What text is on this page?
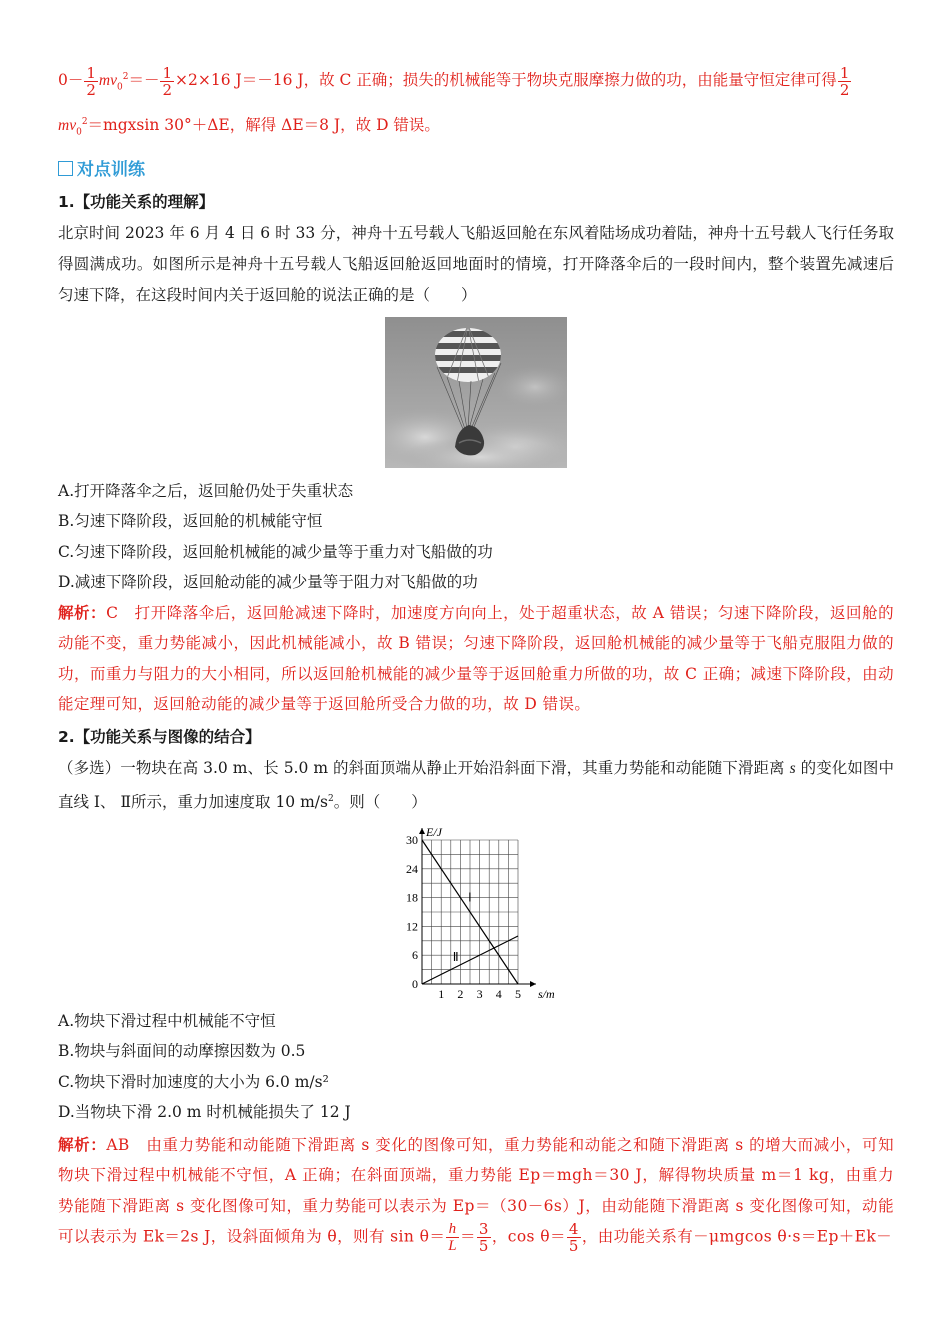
$0- \frac{1}{2} mv_0^2=- \frac{1}{2} \times 2\times 16$ J＝－16 J，故 C 正确；损失的机械能等于物块克服摩擦力做的功，由能量守恒定律可得 $\frac{1}{2}$

$mv_0^2=mgxsin$ 30°＋ΔE，解得 ΔE＝8 J，故 D 错误。

对点训练
1.【功能关系的理解】

北京时间 2023 年 6 月 4 日 6 时 33 分，神舟十五号载人飞船返回舱在东风着陆场成功着陆，神舟十五号载人飞行任务取得圆满成功。如图所示是神舟十五号载人飞船返回舱返回地面时的情境，打开降落伞后的一段时间内，整个装置先减速后匀速下降，在这段时间内关于返回舱的说法正确的是（　　）

A.打开降落伞之后，返回舱仍处于失重状态

B.匀速下降阶段，返回舱的机械能守恒

C.匀速下降阶段，返回舱机械能的减少量等于重力对飞船做的功

D.减速下降阶段，返回舱动能的减少量等于阻力对飞船做的功

解析：C 打开降落伞后，返回舱减速下降时，加速度方向向上，处于超重状态，故 A 错误；匀速下降阶段，返回舱的动能不变，重力势能减小，因此机械能减小，故 B 错误；匀速下降阶段，返回舱机械能的减少量等于飞船克服阻力做的功，而重力与阻力的大小相同，所以返回舱机械能的减少量等于返回舱重力所做的功，故 C 正确；减速下降阶段，由动能定理可知，返回舱动能的减少量等于返回舱所受合力做的功，故 D 错误。

2.【功能关系与图像的结合】

（多选）一物块在高 3.0 m、长 5.0 m 的斜面顶端从静止开始沿斜面下滑，其重力势能和动能随下滑距离 s 的变化如图中直线 Ⅰ、 Ⅱ所示，重力加速度取 10 $m/s^2$。则（　　）

1 2 3 4 5
0
6
12
18
24
30
s/m
E/J
Ⅰ
Ⅱ

A.物块下滑过程中机械能不守恒

B.物块与斜面间的动摩擦因数为 0.5

C.物块下滑时加速度的大小为 6.0 m/s²

D.当物块下滑 2.0 m 时机械能损失了 12 J

解析：AB 由重力势能和动能随下滑距离 s 变化的图像可知，重力势能和动能之和随下滑距离 s 的增大而减小，可知物块下滑过程中机械能不守恒，A 正确；在斜面顶端，重力势能 Ep＝mgh＝30 J，解得物块质量 m＝1 kg，由重力势能随下滑距离 s 变化图像可知，重力势能可以表示为 Ep＝（30－6s）J，由动能随下滑距离 s 变化图像可知，动能可以表示为 Ek＝2s J，设斜面倾角为 θ，则有 $\sin \theta= \frac{h}{L} = \frac{3}{5}$ ，$\cos \theta= \frac{4}{5}$ ，由功能关系有－μmgcos θ·s＝Ep＋Ek－
